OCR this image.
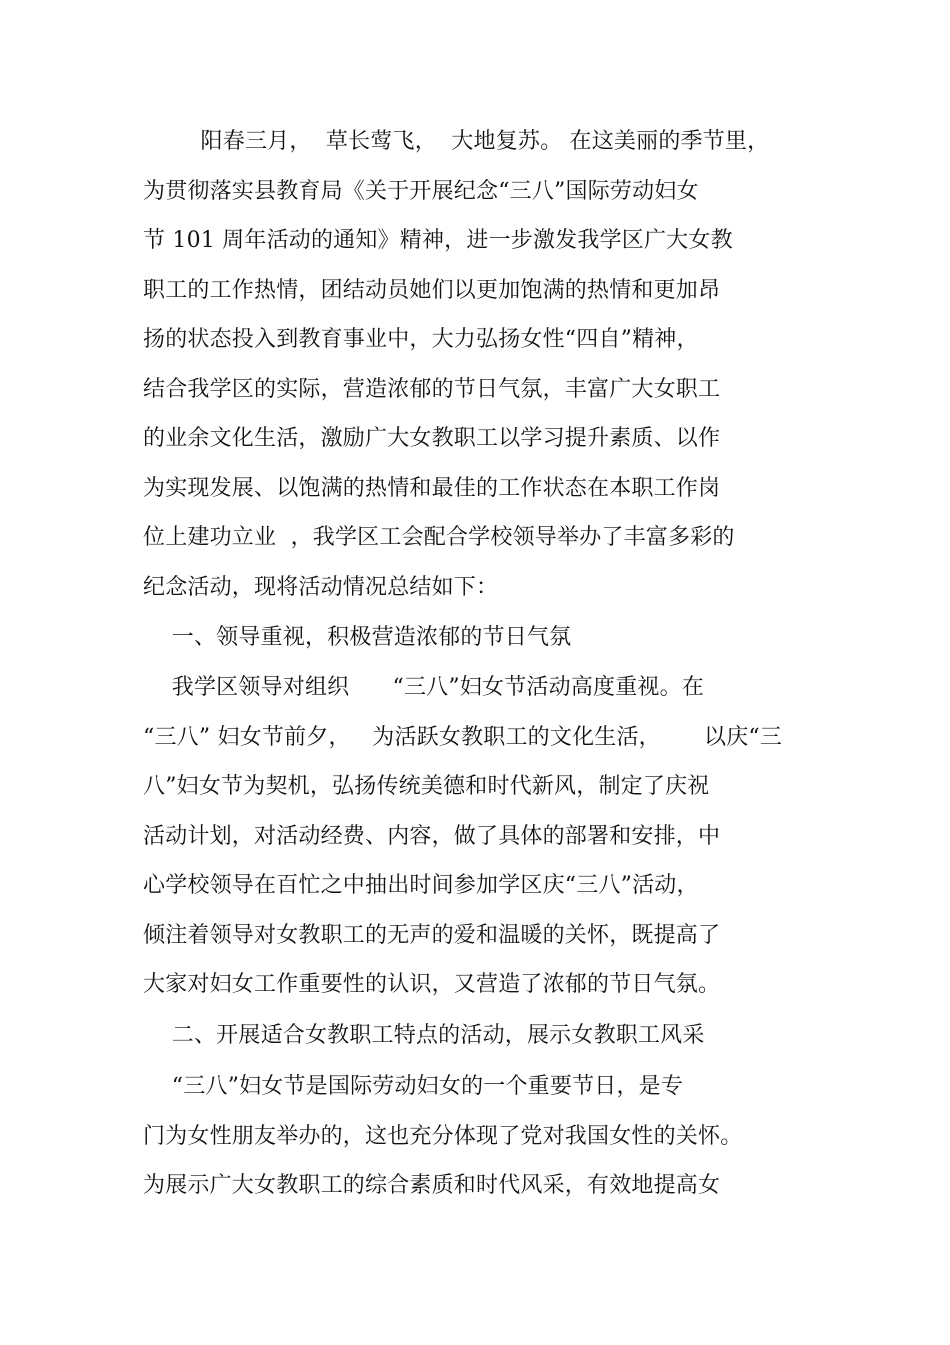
阳春三月，  草长莺飞，  大地复苏。 在这美丽的季节里，
为贯彻落实县教育局《关于开展纪念“三八”国际劳动妇女
节 101 周年活动的通知》精神，进一步激发我学区广大女教
职工的工作热情，团结动员她们以更加饱满的热情和更加昂
扬的状态投入到教育事业中，大力弘扬女性“四自”精神，
结合我学区的实际，营造浓郁的节日气氛，丰富广大女职工
的业余文化生活，激励广大女教职工以学习提升素质、以作
为实现发展、以饱满的热情和最佳的工作状态在本职工作岗
位上建功立业  ，我学区工会配合学校领导举办了丰富多彩的
纪念活动，现将活动情况总结如下：
一、领导重视，积极营造浓郁的节日气氛
我学区领导对组织      “三八”妇女节活动高度重视。在
“三八” 妇女节前夕，   为活跃女教职工的文化生活，      以庆“三
八”妇女节为契机，弘扬传统美德和时代新风，制定了庆祝
活动计划，对活动经费、内容，做了具体的部署和安排，中
心学校领导在百忙之中抽出时间参加学区庆“三八”活动，
倾注着领导对女教职工的无声的爱和温暖的关怀，既提高了
大家对妇女工作重要性的认识，又营造了浓郁的节日气氛。
二、开展适合女教职工特点的活动，展示女教职工风采
“三八”妇女节是国际劳动妇女的一个重要节日，是专
门为女性朋友举办的，这也充分体现了党对我国女性的关怀。
为展示广大女教职工的综合素质和时代风采，有效地提高女
